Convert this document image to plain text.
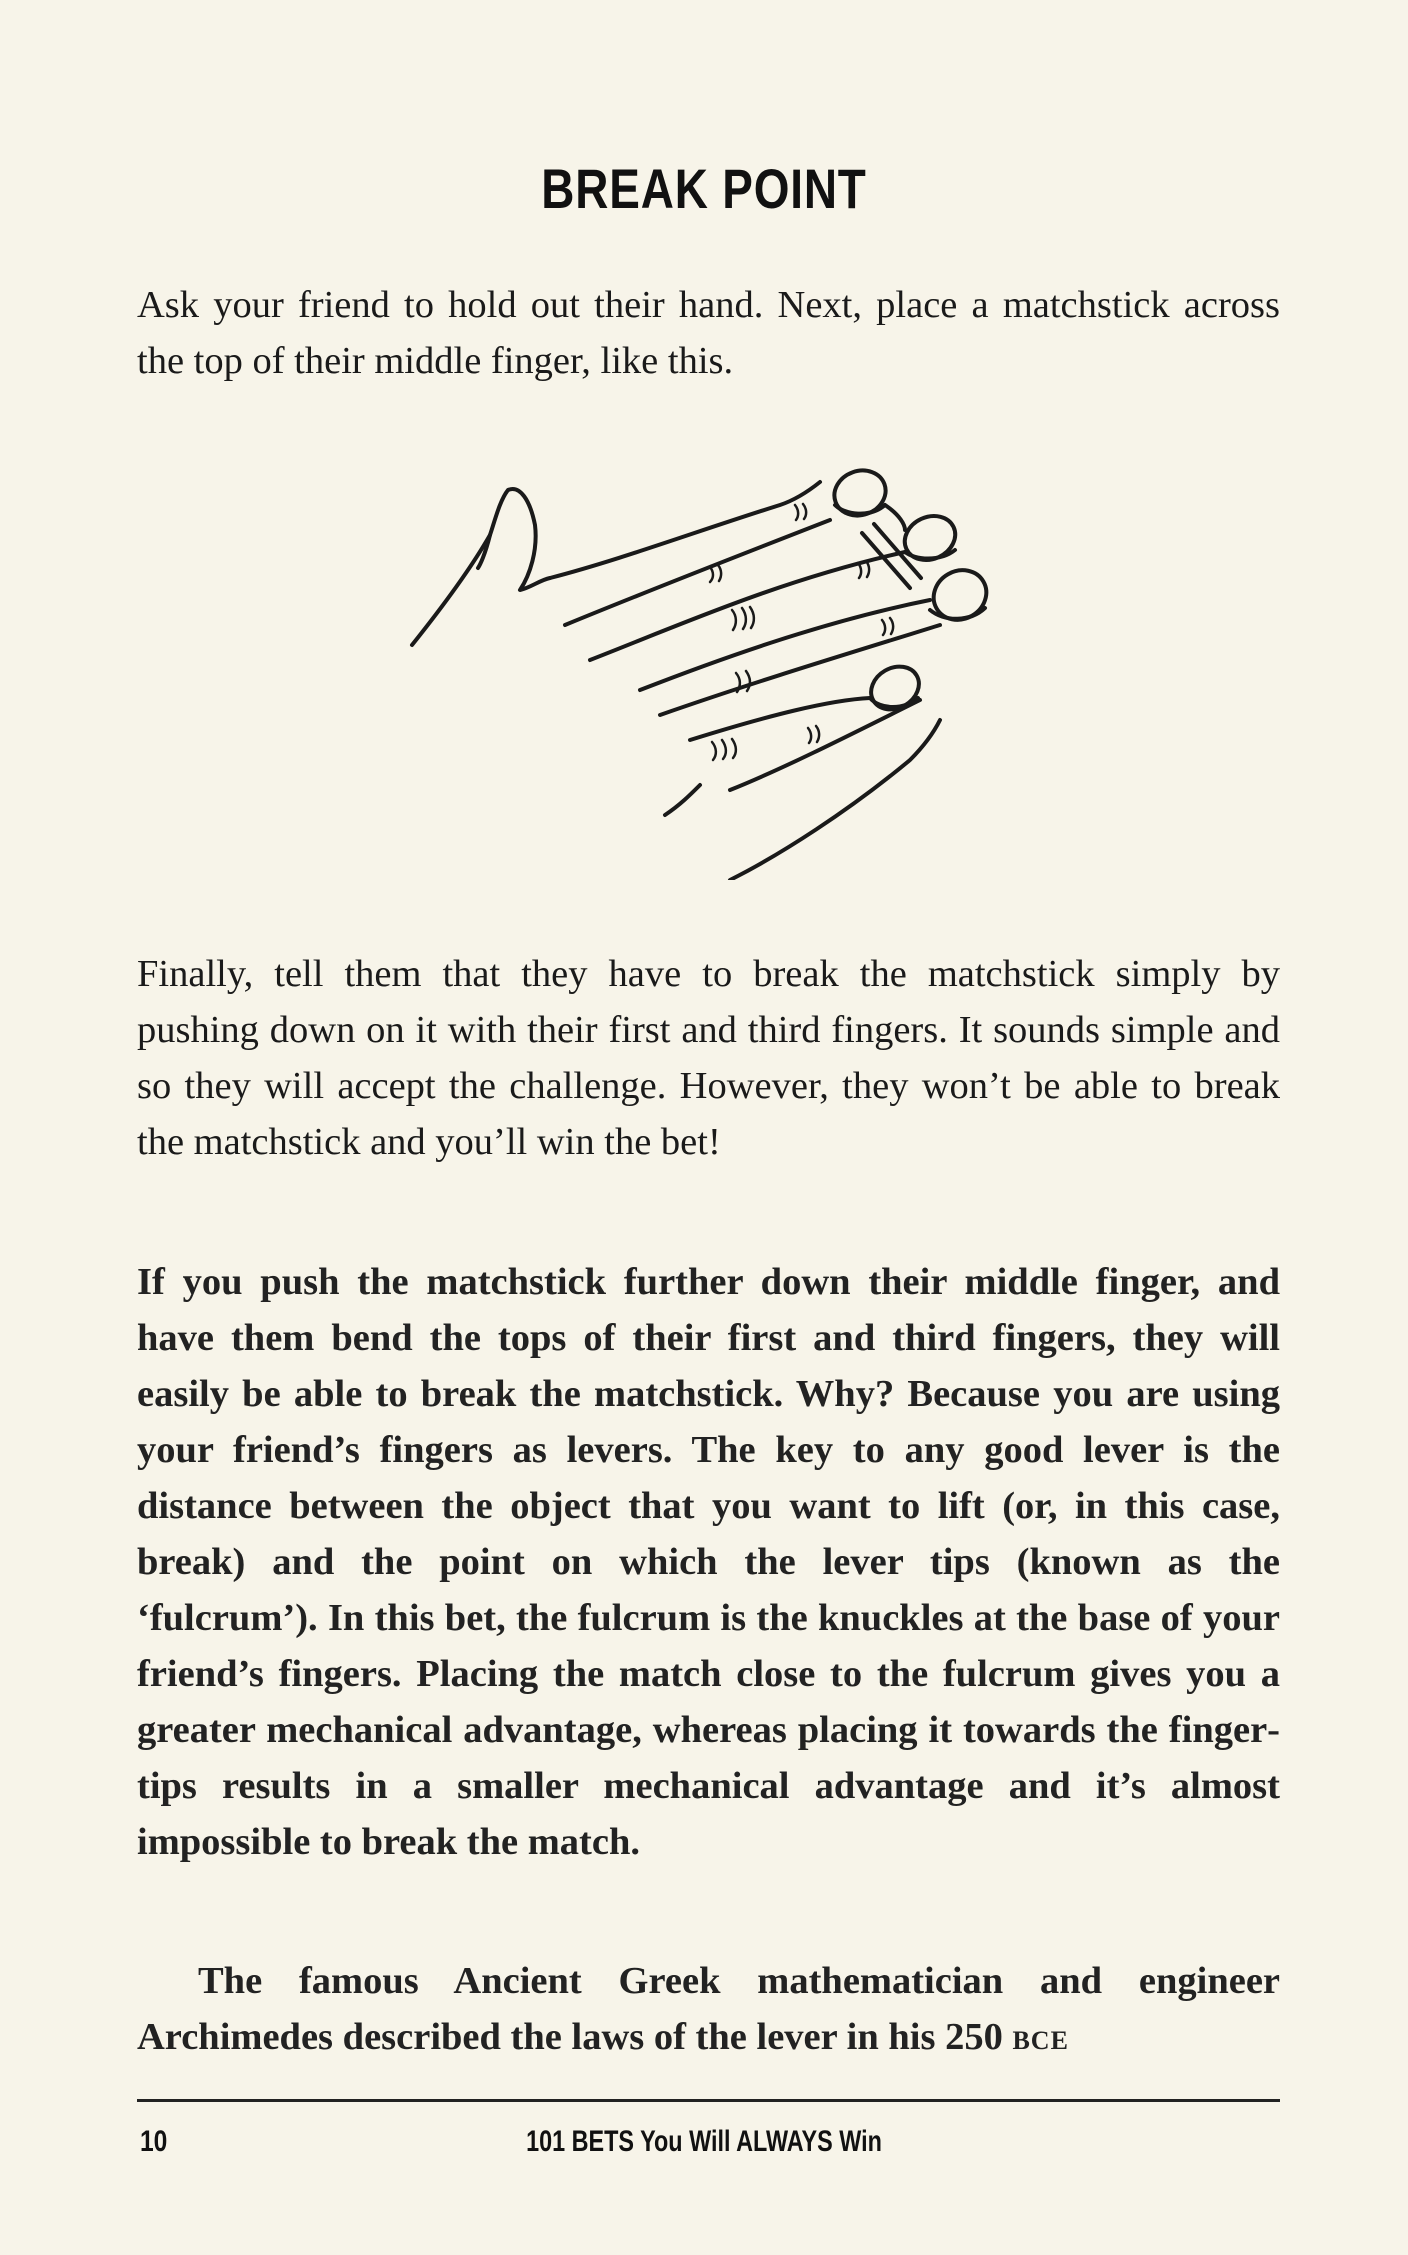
BREAK POINT

Ask your friend to hold out their hand. Next, place a matchstick across the top of their middle finger, like this.

Finally, tell them that they have to break the matchstick simply by pushing down on it with their first and third fingers. It sounds simple and so they will accept the challenge. However, they won’t be able to break the matchstick and you’ll win the bet!

If you push the matchstick further down their middle finger, and have them bend the tops of their first and third fingers, they will easily be able to break the matchstick. Why? Because you are using your friend’s fingers as levers. The key to any good lever is the distance between the object that you want to lift (or, in this case, break) and the point on which the lever tips (known as the ‘fulcrum’). In this bet, the fulcrum is the knuckles at the base of your friend’s fingers. Placing the match close to the fulcrum gives you a greater mechanical advantage, whereas placing it towards the fingertips results in a smaller mechanical advantage and it’s almost impossible to break the match.

The famous Ancient Greek mathematician and engineer Archimedes described the laws of the lever in his 250 BCE

10	101 BETS You Will ALWAYS Win
